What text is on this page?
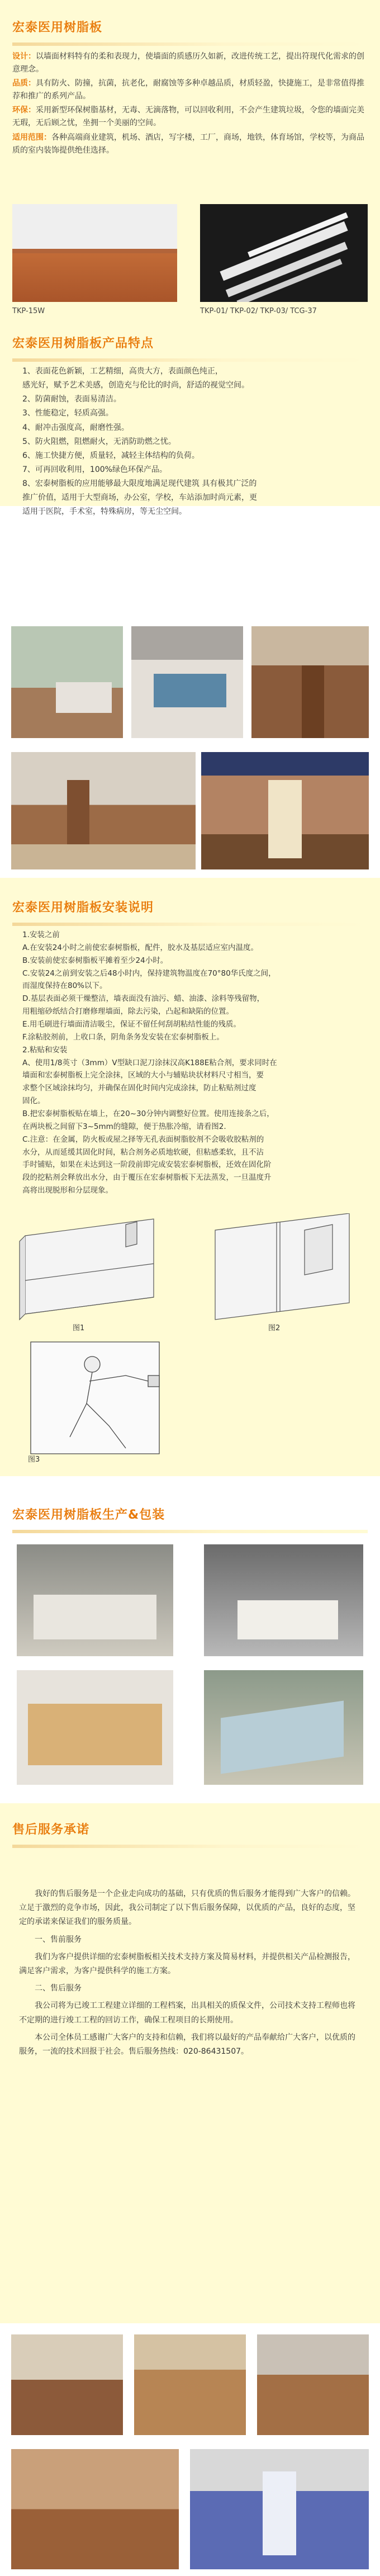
宏泰医用树脂板

设计：以墙面材料特有的柔和表现力，使墙面的质感历久如新，改进传统工艺，提出符现代化需求的创意理念。

品质：具有防火、防撞，抗菌，抗老化，耐腐蚀等多种卓越品质，材质轻盈，快捷施工，是非常值得推荐和推广的系列产品。

环保：采用新型环保树脂基材，无毒、无滴落物，可以回收利用，不会产生建筑垃圾，令您的墙面完美无瑕，无后顾之忧，坐拥一个美丽的空间。

适用范围：各种高端商业建筑，机场、酒店，写字楼，工厂，商场，地铁，体育场馆，学校等，为商品质的室内装饰提供绝佳选择。

TKP-15W	TKP-01/ TKP-02/ TKP-03/ TCG-37
宏泰医用树脂板产品特点

1、表面花色新颖，工艺精细，高贵大方，表面颜色纯正，

感光好，赋予艺术美感，创造充与伦比的时尚，舒适的视觉空间。

2、防菌耐蚀，表面易清洁。

3、性能稳定，轻质高强。

4、耐冲击强度高，耐磨性强。

5、防火阻燃，阻燃耐火，无消防助燃之忧。

6、施工快捷方便，质量轻，减轻主体结构的负荷。

7、可再回收利用，100%绿色环保产品。

8、宏泰树脂板的应用能够最大限度地满足现代建筑 具有极其广泛的

推广价值，适用于大型商场，办公室，学校，车站添加时尚元素，更

适用于医院，手术室，特殊病房，等无尘空间。

宏泰医用树脂板安装说明

1.安装之前

A.在安装24小时之前使宏泰树脂板，配件，胶水及基层适应室内温度。

B.安装前使宏泰树脂板平摊着至少24小时。

C.安装24之前到安装之后48小时内，保持建筑物温度在70°80华氏度之间，

而湿度保持在80%以下。

D.基层表面必须干燥整洁，墙表面没有油污、蜡、油漆、涂料等残留物，

用粗缩砂纸结合打磨修理墙面，除去污染，凸起和缺陷的位置。

E.用毛刷进行墙面清洁吸尘，保证不留任何刮胡粘结性能的残质。

F.涂粘胶剂前，上收口条，阴角条务发安装在宏泰树脂板上。

2.粘贴和安装

A、使用1/8英寸（3mm）V型缺口泥刀涂抹汉高K188E粘合剂，要求同时在

墙面和宏泰树脂板上完全涂抹，区域的大小与辅贴块状材料尺寸相当，要

求整个区域涂抹均匀，并确保在固化时间内完成涂抹，防止粘贴剂过度

固化。

B.把宏泰树脂板贴在墙上，在20~30分钟内调整好位置。使用连接条之后，

在两块板之间留下3~5mm的缝隙，便于热胀冷缩，请看图2.

C.注意：在金属，防火板或屋之择等无孔表面树脂胶剂不会吸收胶粘剂的

水分，从而延缓其固化时间，粘合剂务必质地软硬，但粘感柔软，且不沾

手时铺贴，如果在未达到这一阶段前即完成安装宏泰树脂板，还效在固化阶

段的挖粘剂会释放出水分，由于覆压在宏泰树脂板下无法蒸发，一旦温度升

高将出现脱形和分层现象。

图1	图2
图3
宏泰医用树脂板生产&包装
售后服务承诺

我好的售后服务是一个企业走向成功的基础，只有优质的售后服务才能得到广大客户的信赖。立足于激烈的竞争市场，因此，我公司制定了以下售后服务保障，以优质的产品，良好的态度，坚定的承诺来保证我们的服务质量。

一、售前服务

我们为客户提供详细的宏泰树脂板相关技术支持方案及简易材料，并提供相关产品检测报告，满足客户需求，为客户提供科学的施工方案。

二、售后服务

我公司将为已竣工工程建立详细的工程档案，出具相关的质保文件，公司技术支持工程师也将不定期的进行竣工工程的回访工作，确保工程项目的长期使用。

本公司全体员工感谢广大客户的支持和信赖，我们将以最好的产品奉献给广大客户，以优质的服务，一流的技术回报于社会。售后服务热线：020-86431507。
